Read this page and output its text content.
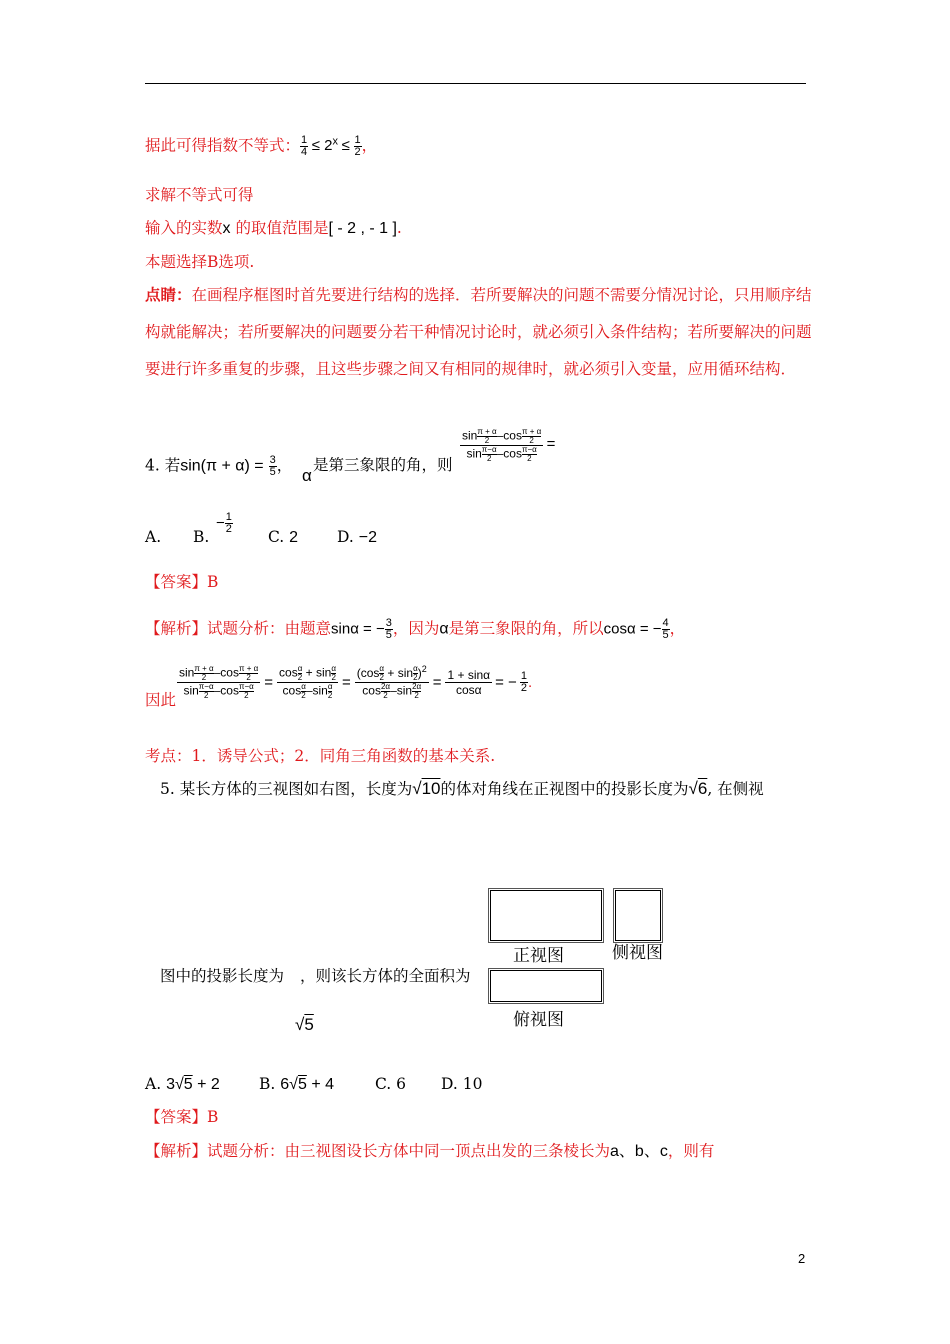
据此可得指数不等式： $\frac{1}{4} \le 2^x \le \frac{1}{2}$ ，
求解不等式可得
输入的实数x 的取值范围是[ - 2 , - 1 ].
本题选择B选项.
点睛：在画程序框图时首先要进行结构的选择．若所要解决的问题不需要分情况讨论，只用顺序结构就能解决；若所要解决的问题要分若干种情况讨论时，就必须引入条件结构；若所要解决的问题要进行许多重复的步骤，且这些步骤之间又有相同的规律时，就必须引入变量，应用循环结构．
4. 若$\sin(\pi + \alpha) = \frac{3}{5}$ ，
α
是第三象限的角，则
$\frac{\sin \frac{\pi + \alpha}{2} -\cos \frac{\pi + \alpha}{2}}{\sin \frac{\pi-\alpha}{2} -\cos \frac{\pi-\alpha}{2}}$ =
A. B.
− $\frac{1}{2}$
C. 2	D. −2
【答案】B
【解析】试题分析：由题意sinα = − $\frac{3}{5}$ ，因为α是第三象限的角，所以cosα = − $\frac{4}{5}$ ，
因此
$\frac{\sin \frac{\pi + \alpha}{2} -\cos \frac{\pi + \alpha}{2}}{\sin \frac{\pi-\alpha}{2} -\cos \frac{\pi-\alpha}{2}} = \frac{\cos \frac{\alpha}{2} + \sin \frac{\alpha}{2}}{\cos \frac{\alpha}{2} -\sin \frac{\alpha}{2}} = \frac{(\cos \frac{\alpha}{2} + \sin \frac{\alpha}{2} )^2}{\cos \frac{2\alpha}{2} -\sin \frac{2\alpha}{2}} = \frac{1 + \sin\alpha}{\cos\alpha}$ = − $\frac{1}{2}$ .
考点：1．诱导公式；2．同角三角函数的基本关系.
5. 某长方体的三视图如右图，长度为√10的体对角线在正视图中的投影长度为√6, 在侧视
图中的投影长度为 ，则该长方体的全面积为
√5
正视图	侧视图
俯视图
A. 3√5 + 2	B. 6√5 + 4	C. 6 D. 10
【答案】B
【解析】试题分析：由三视图设长方体中同一顶点出发的三条棱长为a、b、c，则有
2
